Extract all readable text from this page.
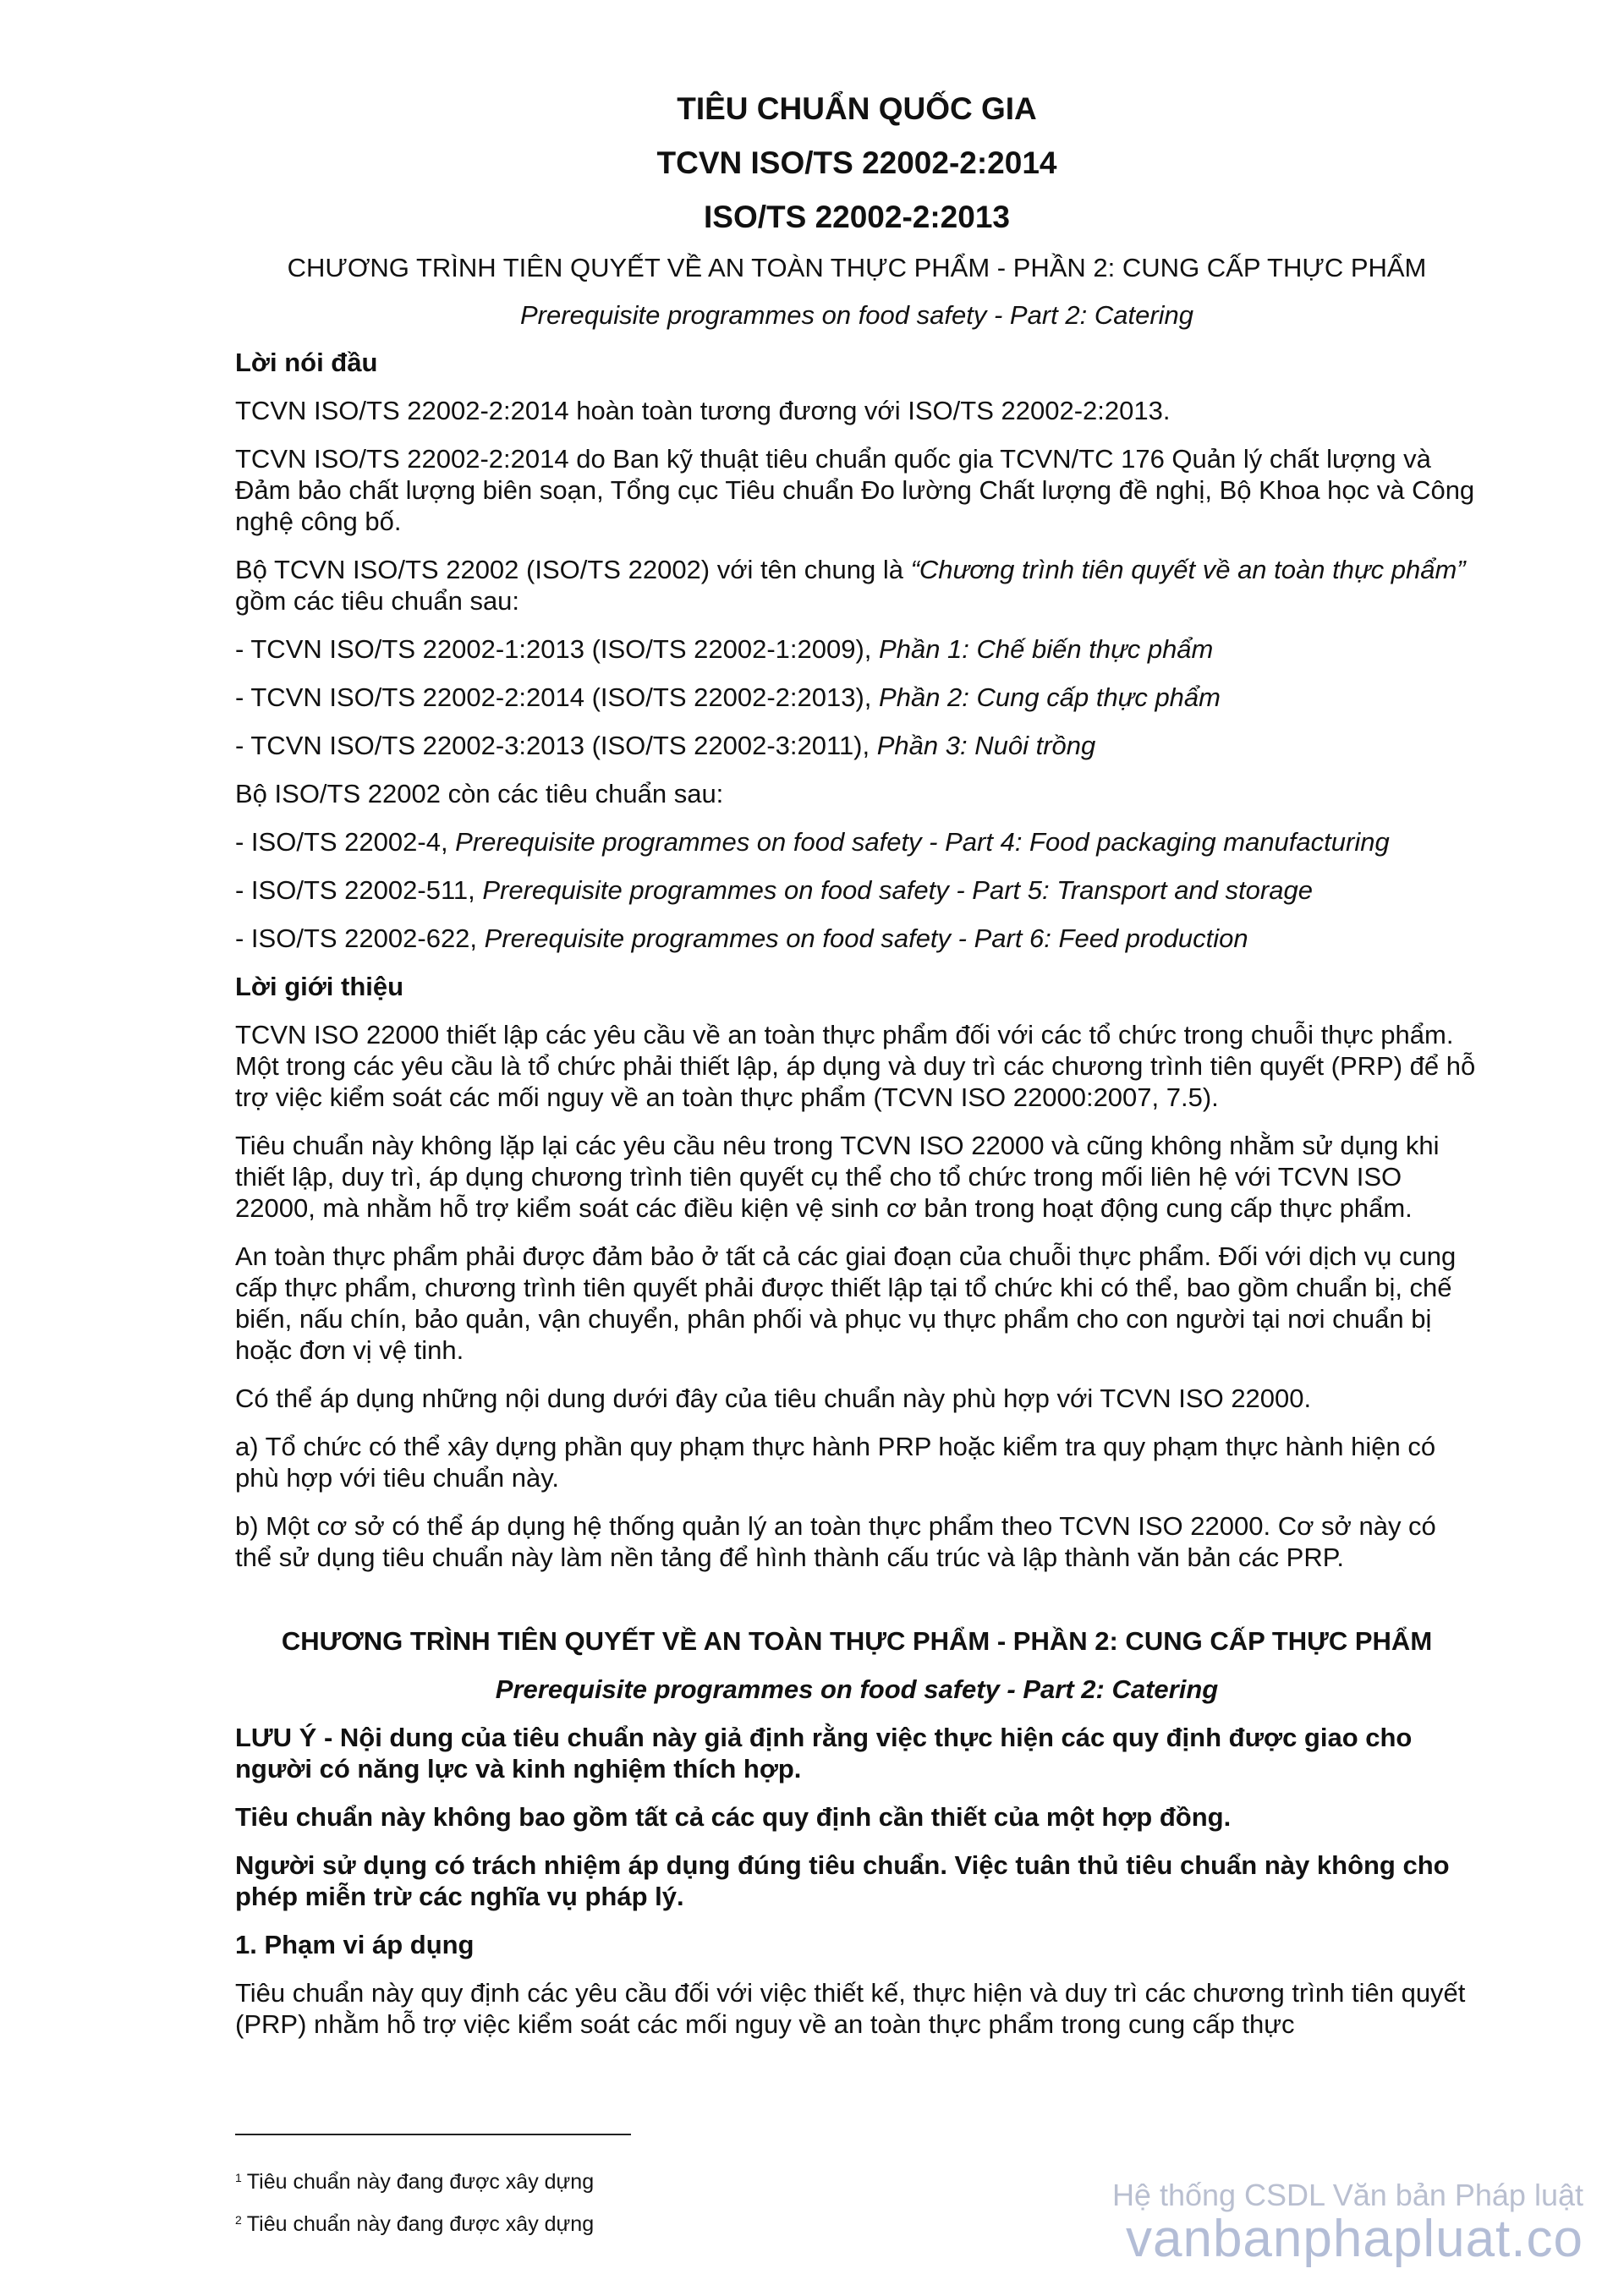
TIÊU CHUẨN QUỐC GIA
TCVN ISO/TS 22002-2:2014
ISO/TS 22002-2:2013
CHƯƠNG TRÌNH TIÊN QUYẾT VỀ AN TOÀN THỰC PHẨM - PHẦN 2: CUNG CẤP THỰC PHẨM
Prerequisite programmes on food safety - Part 2: Catering

Lời nói đầu

TCVN ISO/TS 22002-2:2014 hoàn toàn tương đương với ISO/TS 22002-2:2013.

TCVN ISO/TS 22002-2:2014 do Ban kỹ thuật tiêu chuẩn quốc gia TCVN/TC 176 Quản lý chất lượng và Đảm bảo chất lượng biên soạn, Tổng cục Tiêu chuẩn Đo lường Chất lượng đề nghị, Bộ Khoa học và Công nghệ công bố.

Bộ TCVN ISO/TS 22002 (ISO/TS 22002) với tên chung là “Chương trình tiên quyết về an toàn thực phẩm” gồm các tiêu chuẩn sau:

- TCVN ISO/TS 22002-1:2013 (ISO/TS 22002-1:2009), Phần 1: Chế biến thực phẩm

- TCVN ISO/TS 22002-2:2014 (ISO/TS 22002-2:2013), Phần 2: Cung cấp thực phẩm

- TCVN ISO/TS 22002-3:2013 (ISO/TS 22002-3:2011), Phần 3: Nuôi trồng

Bộ ISO/TS 22002 còn các tiêu chuẩn sau:

- ISO/TS 22002-4, Prerequisite programmes on food safety - Part 4: Food packaging manufacturing

- ISO/TS 22002-511, Prerequisite programmes on food safety - Part 5: Transport and storage

- ISO/TS 22002-622, Prerequisite programmes on food safety - Part 6: Feed production

Lời giới thiệu

TCVN ISO 22000 thiết lập các yêu cầu về an toàn thực phẩm đối với các tổ chức trong chuỗi thực phẩm. Một trong các yêu cầu là tổ chức phải thiết lập, áp dụng và duy trì các chương trình tiên quyết (PRP) để hỗ trợ việc kiểm soát các mối nguy về an toàn thực phẩm (TCVN ISO 22000:2007, 7.5).

Tiêu chuẩn này không lặp lại các yêu cầu nêu trong TCVN ISO 22000 và cũng không nhằm sử dụng khi thiết lập, duy trì, áp dụng chương trình tiên quyết cụ thể cho tổ chức trong mối liên hệ với TCVN ISO 22000, mà nhằm hỗ trợ kiểm soát các điều kiện vệ sinh cơ bản trong hoạt động cung cấp thực phẩm.

An toàn thực phẩm phải được đảm bảo ở tất cả các giai đoạn của chuỗi thực phẩm. Đối với dịch vụ cung cấp thực phẩm, chương trình tiên quyết phải được thiết lập tại tổ chức khi có thể, bao gồm chuẩn bị, chế biến, nấu chín, bảo quản, vận chuyển, phân phối và phục vụ thực phẩm cho con người tại nơi chuẩn bị hoặc đơn vị vệ tinh.

Có thể áp dụng những nội dung dưới đây của tiêu chuẩn này phù hợp với TCVN ISO 22000.

a) Tổ chức có thể xây dựng phần quy phạm thực hành PRP hoặc kiểm tra quy phạm thực hành hiện có phù hợp với tiêu chuẩn này.

b) Một cơ sở có thể áp dụng hệ thống quản lý an toàn thực phẩm theo TCVN ISO 22000. Cơ sở này có thể sử dụng tiêu chuẩn này làm nền tảng để hình thành cấu trúc và lập thành văn bản các PRP.

CHƯƠNG TRÌNH TIÊN QUYẾT VỀ AN TOÀN THỰC PHẨM - PHẦN 2: CUNG CẤP THỰC PHẨM

Prerequisite programmes on food safety - Part 2: Catering

LƯU Ý - Nội dung của tiêu chuẩn này giả định rằng việc thực hiện các quy định được giao cho người có năng lực và kinh nghiệm thích hợp.

Tiêu chuẩn này không bao gồm tất cả các quy định cần thiết của một hợp đồng.

Người sử dụng có trách nhiệm áp dụng đúng tiêu chuẩn. Việc tuân thủ tiêu chuẩn này không cho phép miễn trừ các nghĩa vụ pháp lý.

1. Phạm vi áp dụng

Tiêu chuẩn này quy định các yêu cầu đối với việc thiết kế, thực hiện và duy trì các chương trình tiên quyết (PRP) nhằm hỗ trợ việc kiểm soát các mối nguy về an toàn thực phẩm trong cung cấp thực

$^1$ Tiêu chuẩn này đang được xây dựng
$^2$ Tiêu chuẩn này đang được xây dựng
Hệ thống CSDL Văn bản Pháp luật
vanbanphapluat.co
